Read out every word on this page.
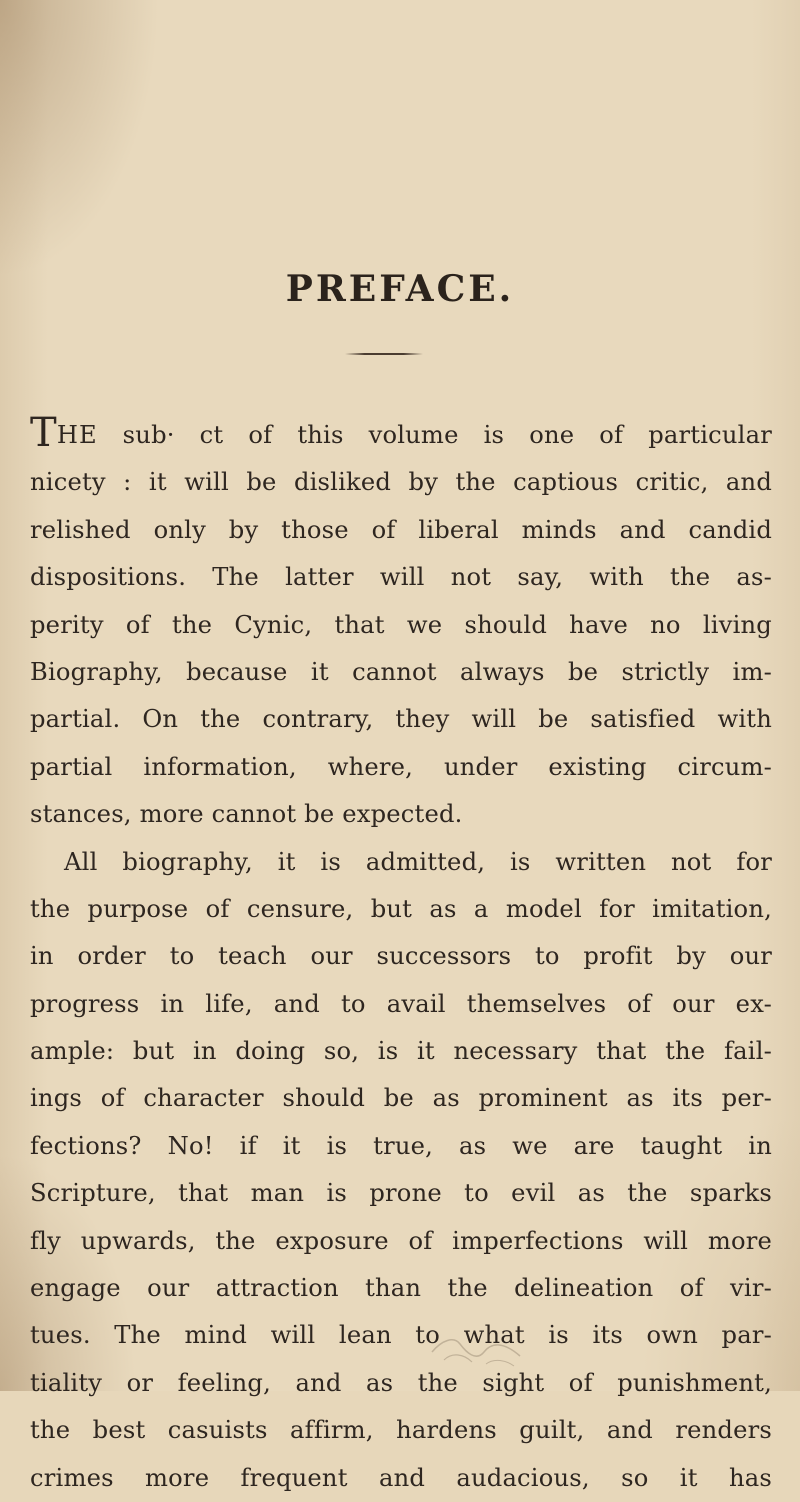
PREFACE.
THE sub· ct of this volume is one of particular
nicety : it will be disliked by the captious critic, and
relished only by those of liberal minds and candid
dispositions. The latter will not say, with the as-
perity of the Cynic, that we should have no living
Biography, because it cannot always be strictly im-
partial. On the contrary, they will be satisfied with
partial information, where, under existing circum-
stances, more cannot be expected.
All biography, it is admitted, is written not for
the purpose of censure, but as a model for imitation,
in order to teach our successors to profit by our
progress in life, and to avail themselves of our ex-
ample: but in doing so, is it necessary that the fail-
ings of character should be as prominent as its per-
fections? No! if it is true, as we are taught in
Scripture, that man is prone to evil as the sparks
fly upwards, the exposure of imperfections will more
engage our attraction than the delineation of vir-
tues. The mind will lean to what is its own par-
tiality or feeling, and as the sight of punishment,
the best casuists affirm, hardens guilt, and renders
crimes more frequent and audacious, so it has
